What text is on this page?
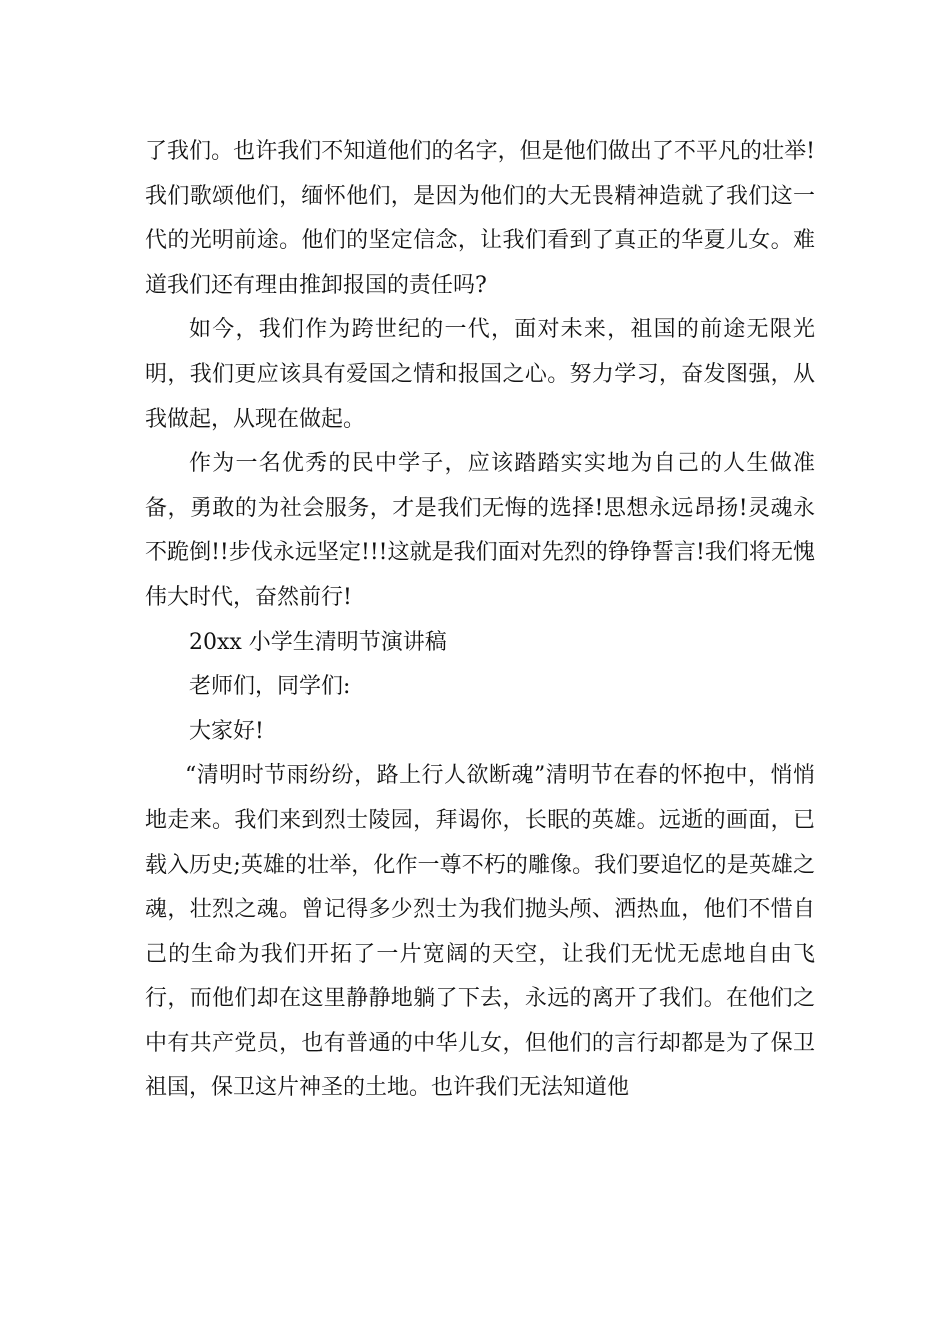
了我们。也许我们不知道他们的名字，但是他们做出了不平凡的壮举!我们歌颂他们，缅怀他们，是因为他们的大无畏精神造就了我们这一代的光明前途。他们的坚定信念，让我们看到了真正的华夏儿女。难道我们还有理由推卸报国的责任吗?

如今，我们作为跨世纪的一代，面对未来，祖国的前途无限光明，我们更应该具有爱国之情和报国之心。努力学习，奋发图强，从我做起，从现在做起。

作为一名优秀的民中学子，应该踏踏实实地为自己的人生做准备，勇敢的为社会服务，才是我们无悔的选择!思想永远昂扬!灵魂永不跪倒!!步伐永远坚定!!!这就是我们面对先烈的铮铮誓言!我们将无愧伟大时代，奋然前行!

20xx 小学生清明节演讲稿

老师们，同学们:

大家好!

“清明时节雨纷纷，路上行人欲断魂”清明节在春的怀抱中，悄悄地走来。我们来到烈士陵园，拜谒你，长眠的英雄。远逝的画面，已载入历史;英雄的壮举，化作一尊不朽的雕像。我们要追忆的是英雄之魂，壮烈之魂。曾记得多少烈士为我们抛头颅、洒热血，他们不惜自己的生命为我们开拓了一片宽阔的天空，让我们无忧无虑地自由飞行，而他们却在这里静静地躺了下去，永远的离开了我们。在他们之中有共产党员，也有普通的中华儿女，但他们的言行却都是为了保卫祖国，保卫这片神圣的土地。也许我们无法知道他
